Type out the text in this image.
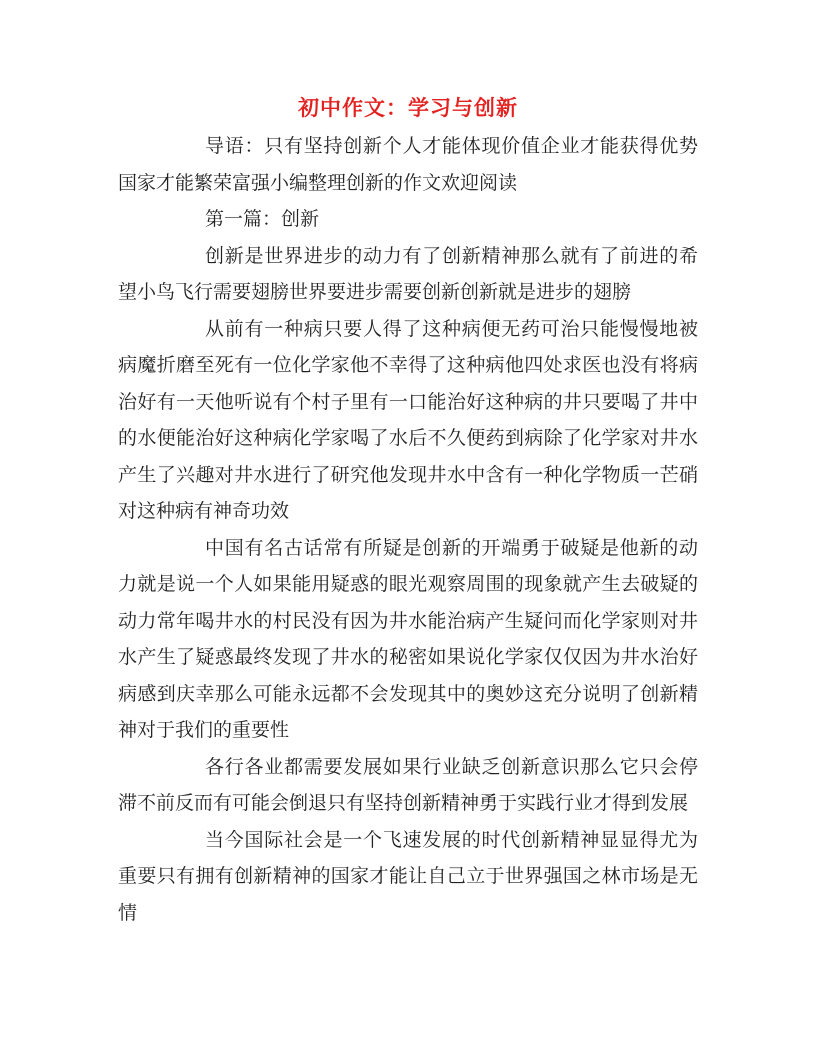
初中作文：学习与创新

导语：只有坚持创新个人才能体现价值企业才能获得优势国家才能繁荣富强小编整理创新的作文欢迎阅读

第一篇：创新

创新是世界进步的动力有了创新精神那么就有了前进的希望小鸟飞行需要翅膀世界要进步需要创新创新就是进步的翅膀

从前有一种病只要人得了这种病便无药可治只能慢慢地被病魔折磨至死有一位化学家他不幸得了这种病他四处求医也没有将病治好有一天他听说有个村子里有一口能治好这种病的井只要喝了井中的水便能治好这种病化学家喝了水后不久便药到病除了化学家对井水产生了兴趣对井水进行了研究他发现井水中含有一种化学物质一芒硝对这种病有神奇功效

中国有名古话常有所疑是创新的开端勇于破疑是他新的动力就是说一个人如果能用疑惑的眼光观察周围的现象就产生去破疑的动力常年喝井水的村民没有因为井水能治病产生疑问而化学家则对井水产生了疑惑最终发现了井水的秘密如果说化学家仅仅因为井水治好病感到庆幸那么可能永远都不会发现其中的奥妙这充分说明了创新精神对于我们的重要性

各行各业都需要发展如果行业缺乏创新意识那么它只会停滞不前反而有可能会倒退只有坚持创新精神勇于实践行业才得到发展

当今国际社会是一个飞速发展的时代创新精神显显得尤为重要只有拥有创新精神的国家才能让自己立于世界强国之林市场是无情
